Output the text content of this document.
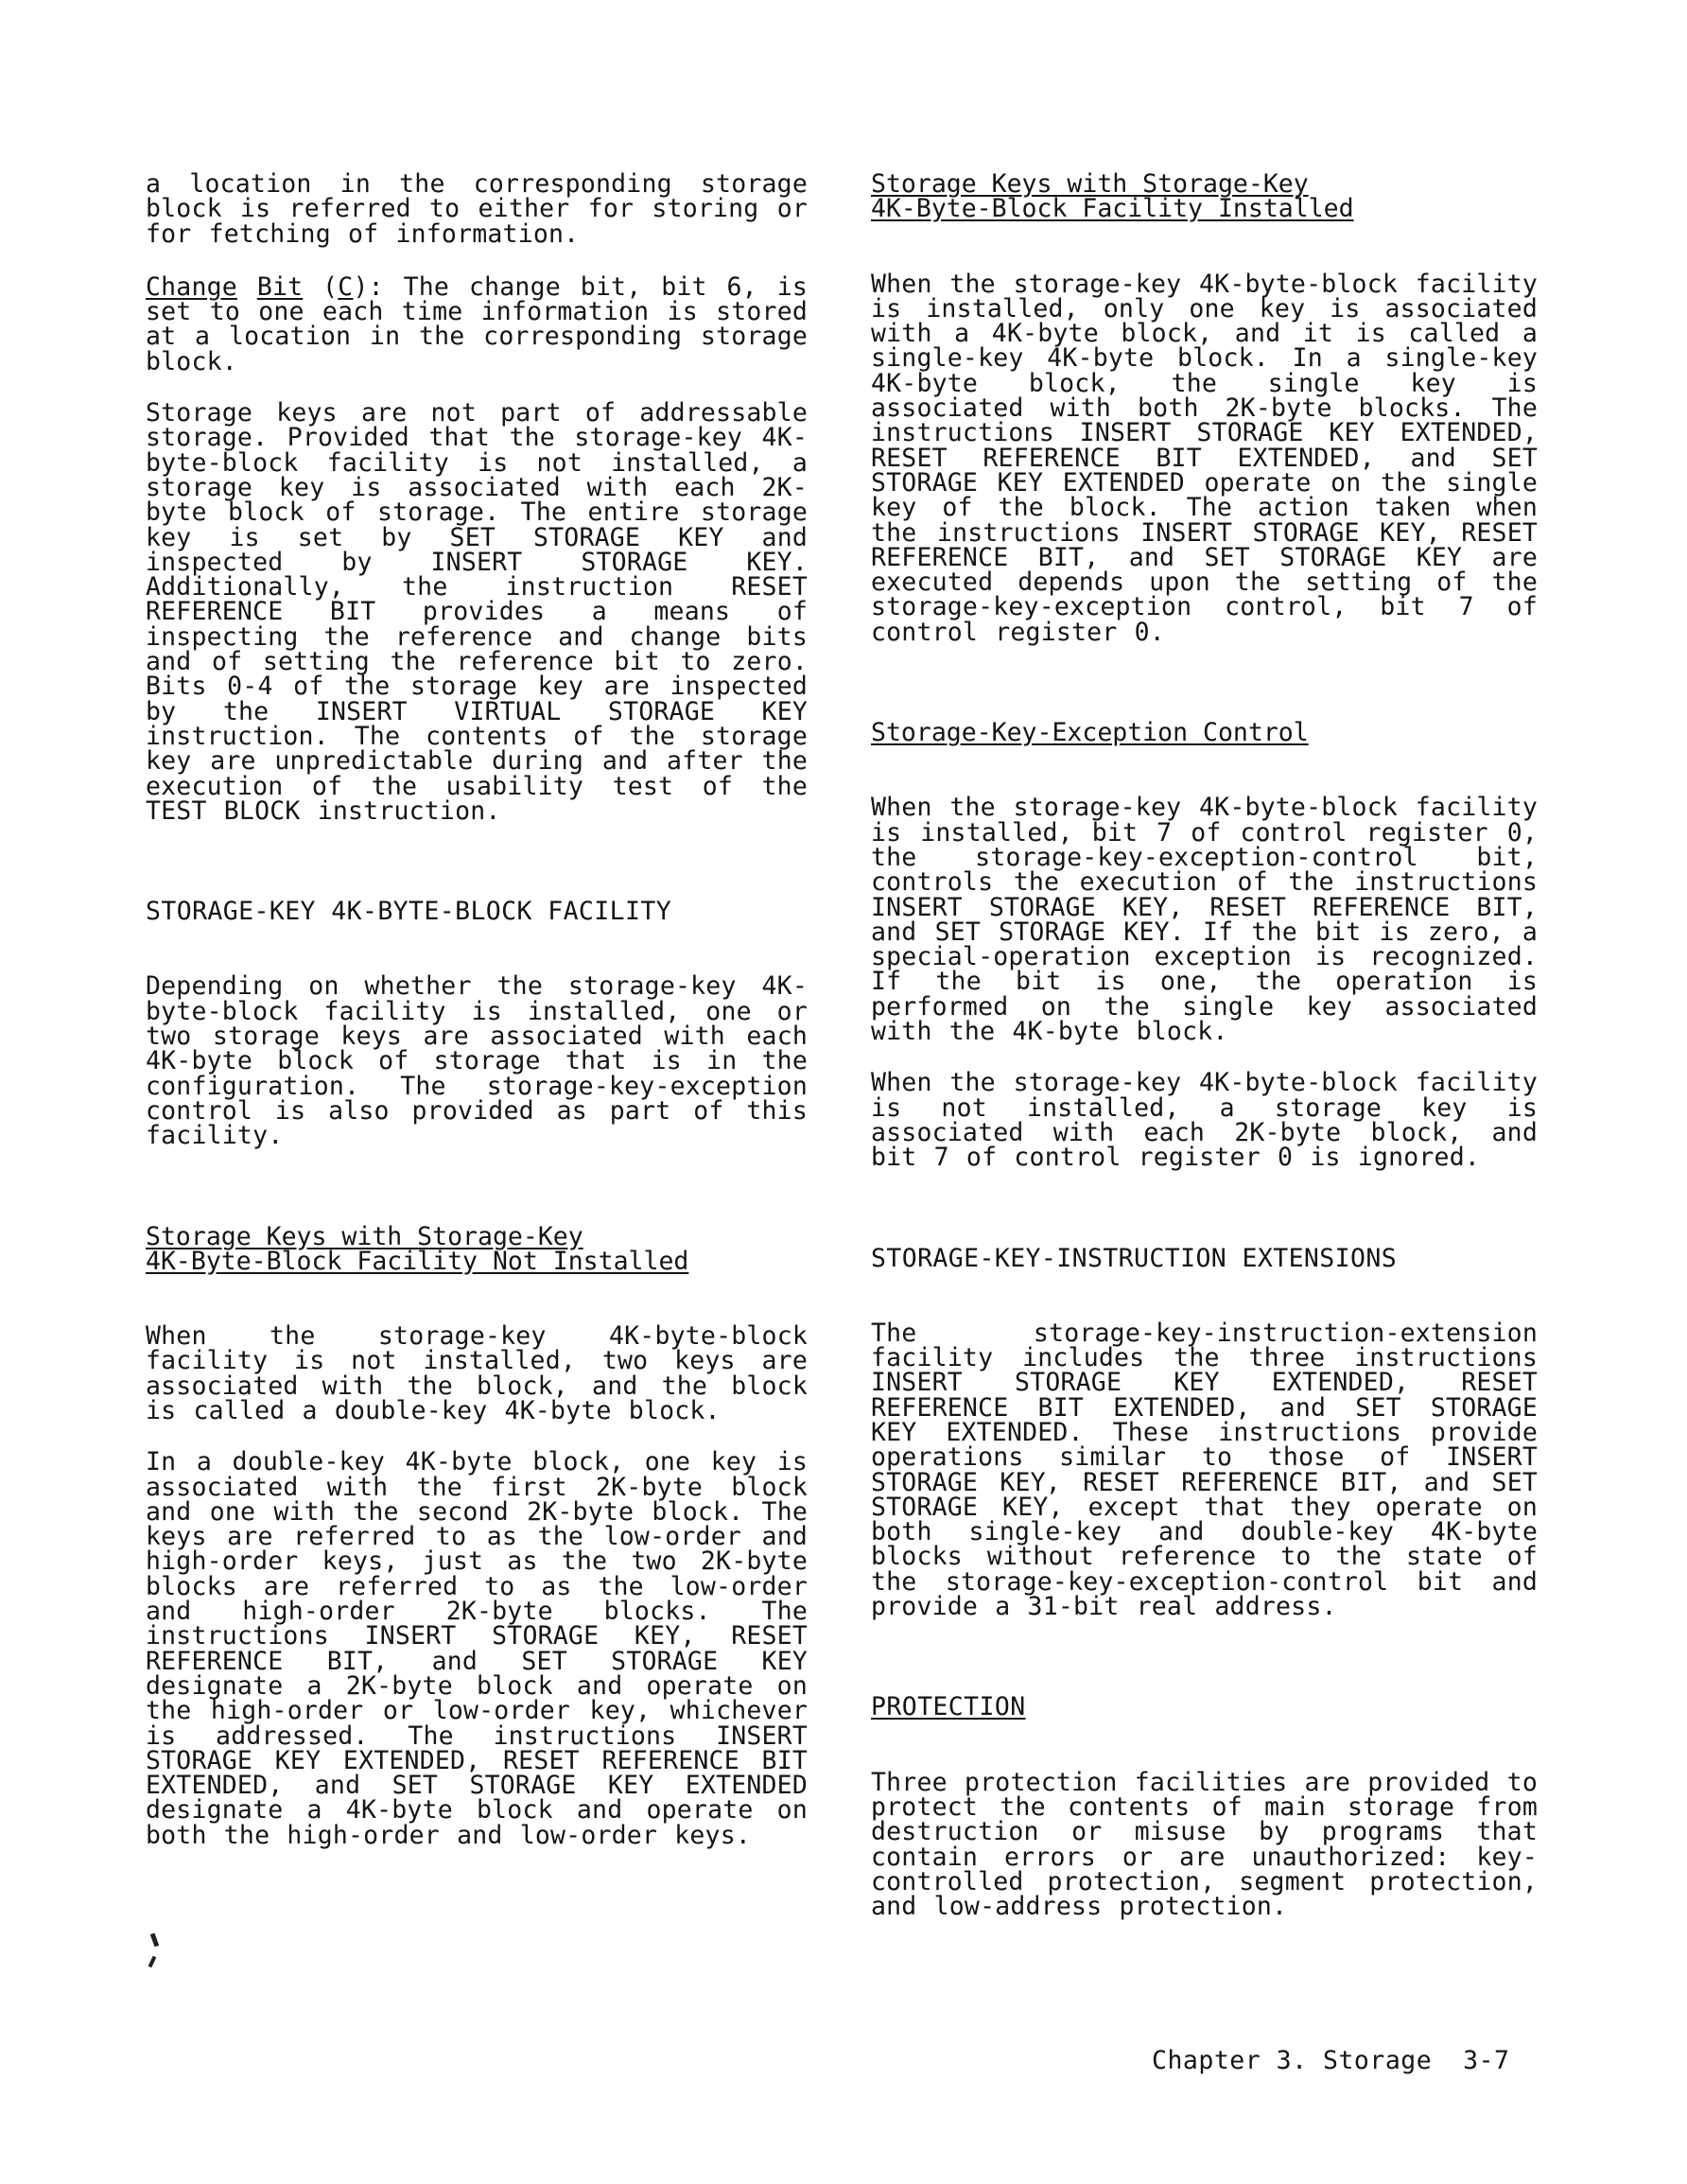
a location in the corresponding storage block is referred to either for storing or for fetching of information.

Change Bit (C): The change bit, bit 6, is set to one each time information is stored at a location in the corresponding storage block.

Storage keys are not part of addressable storage. Provided that the storage-key 4K-byte-block facility is not installed, a storage key is associated with each 2K-byte block of storage. The entire storage key is set by SET STORAGE KEY and inspected by INSERT STORAGE KEY. Additionally, the instruction RESET REFERENCE BIT provides a means of inspecting the reference and change bits and of setting the reference bit to zero. Bits 0-4 of the storage key are inspected by the INSERT VIRTUAL STORAGE KEY instruction. The contents of the storage key are unpredictable during and after the execution of the usability test of the TEST BLOCK instruction.

STORAGE-KEY 4K-BYTE-BLOCK FACILITY

Depending on whether the storage-key 4K-byte-block facility is installed, one or two storage keys are associated with each 4K-byte block of storage that is in the configuration. The storage-key-exception control is also provided as part of this facility.

Storage Keys with Storage-Key
4K-Byte-Block Facility Not Installed

When the storage-key 4K-byte-block facility is not installed, two keys are associated with the block, and the block is called a double-key 4K-byte block.

In a double-key 4K-byte block, one key is associated with the first 2K-byte block and one with the second 2K-byte block. The keys are referred to as the low-order and high-order keys, just as the two 2K-byte blocks are referred to as the low-order and high-order 2K-byte blocks. The instructions INSERT STORAGE KEY, RESET REFERENCE BIT, and SET STORAGE KEY designate a 2K-byte block and operate on the high-order or low-order key, whichever is addressed. The instructions INSERT STORAGE KEY EXTENDED, RESET REFERENCE BIT EXTENDED, and SET STORAGE KEY EXTENDED designate a 4K-byte block and operate on both the high-order and low-order keys.

Storage Keys with Storage-Key
4K-Byte-Block Facility Installed

When the storage-key 4K-byte-block facility is installed, only one key is associated with a 4K-byte block, and it is called a single-key 4K-byte block. In a single-key 4K-byte block, the single key is associated with both 2K-byte blocks. The instructions INSERT STORAGE KEY EXTENDED, RESET REFERENCE BIT EXTENDED, and SET STORAGE KEY EXTENDED operate on the single key of the block. The action taken when the instructions INSERT STORAGE KEY, RESET REFERENCE BIT, and SET STORAGE KEY are executed depends upon the setting of the storage-key-exception control, bit 7 of control register 0.

Storage-Key-Exception Control

When the storage-key 4K-byte-block facility is installed, bit 7 of control register 0, the storage-key-exception-control bit, controls the execution of the instructions INSERT STORAGE KEY, RESET REFERENCE BIT, and SET STORAGE KEY. If the bit is zero, a special-operation exception is recognized. If the bit is one, the operation is performed on the single key associated with the 4K-byte block.

When the storage-key 4K-byte-block facility is not installed, a storage key is associated with each 2K-byte block, and bit 7 of control register 0 is ignored.

STORAGE-KEY-INSTRUCTION EXTENSIONS

The storage-key-instruction-extension facility includes the three instructions INSERT STORAGE KEY EXTENDED, RESET REFERENCE BIT EXTENDED, and SET STORAGE KEY EXTENDED. These instructions provide operations similar to those of INSERT STORAGE KEY, RESET REFERENCE BIT, and SET STORAGE KEY, except that they operate on both single-key and double-key 4K-byte blocks without reference to the state of the storage-key-exception-control bit and provide a 31-bit real address.

PROTECTION

Three protection facilities are provided to protect the contents of main storage from destruction or misuse by programs that contain errors or are unauthorized: key-controlled protection, segment protection, and low-address protection.

Chapter 3. Storage  3-7
